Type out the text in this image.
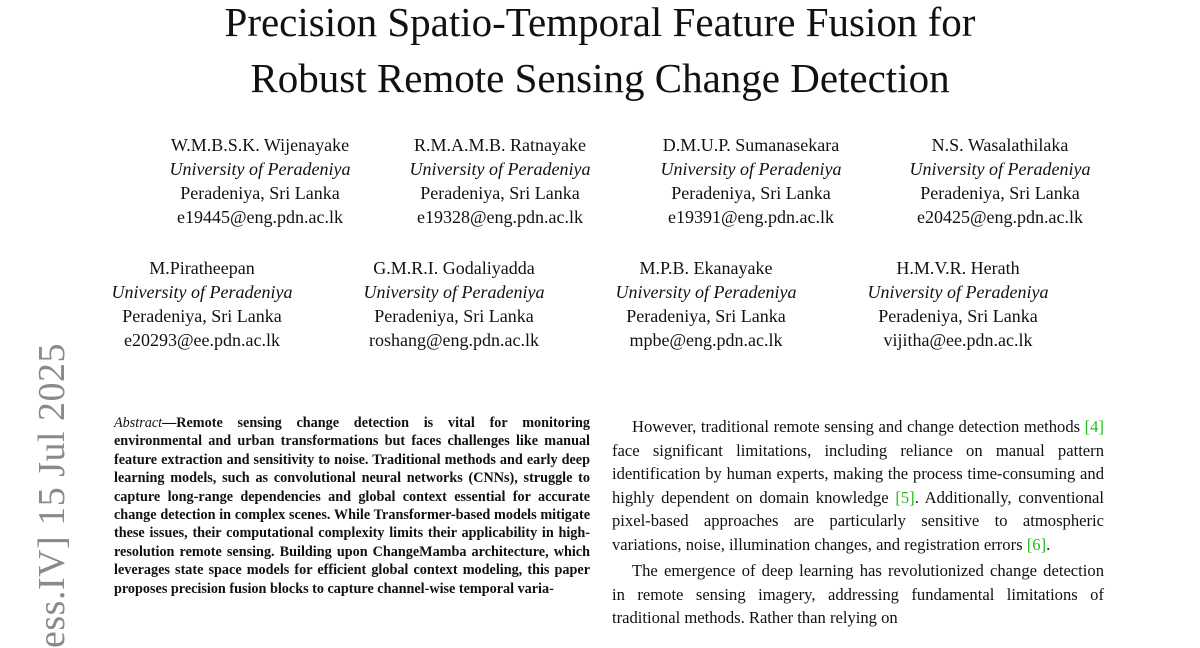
Precision Spatio-Temporal Feature Fusion for
Robust Remote Sensing Change Detection
W.M.B.S.K. Wijenayake
University of Peradeniya
Peradeniya, Sri Lanka
e19445@eng.pdn.ac.lk
R.M.A.M.B. Ratnayake
University of Peradeniya
Peradeniya, Sri Lanka
e19328@eng.pdn.ac.lk
D.M.U.P. Sumanasekara
University of Peradeniya
Peradeniya, Sri Lanka
e19391@eng.pdn.ac.lk
N.S. Wasalathilaka
University of Peradeniya
Peradeniya, Sri Lanka
e20425@eng.pdn.ac.lk
M.Piratheepan
University of Peradeniya
Peradeniya, Sri Lanka
e20293@ee.pdn.ac.lk
G.M.R.I. Godaliyadda
University of Peradeniya
Peradeniya, Sri Lanka
roshang@eng.pdn.ac.lk
M.P.B. Ekanayake
University of Peradeniya
Peradeniya, Sri Lanka
mpbe@eng.pdn.ac.lk
H.M.V.R. Herath
University of Peradeniya
Peradeniya, Sri Lanka
vijitha@ee.pdn.ac.lk
ess.IV] 15 Jul 2025	Abstract—Remote sensing change detection is vital for monitoring environmental and urban transformations but faces challenges like manual feature extraction and sensitivity to noise. Traditional methods and early deep learning models, such as convolutional neural networks (CNNs), struggle to capture long-range dependencies and global context essential for accurate change detection in complex scenes. While Transformer-based models mitigate these issues, their computational complexity limits their applicability in high-resolution remote sensing. Building upon ChangeMamba architecture, which leverages state space models for efficient global context modeling, this paper proposes precision fusion blocks to capture channel-wise temporal varia-

However, traditional remote sensing and change detection methods [4] face significant limitations, including reliance on manual pattern identification by human experts, making the process time-consuming and highly dependent on domain knowledge [5]. Additionally, conventional pixel-based approaches are particularly sensitive to atmospheric variations, noise, illumination changes, and registration errors [6].

The emergence of deep learning has revolutionized change detection in remote sensing imagery, addressing fundamental limitations of traditional methods. Rather than relying on
